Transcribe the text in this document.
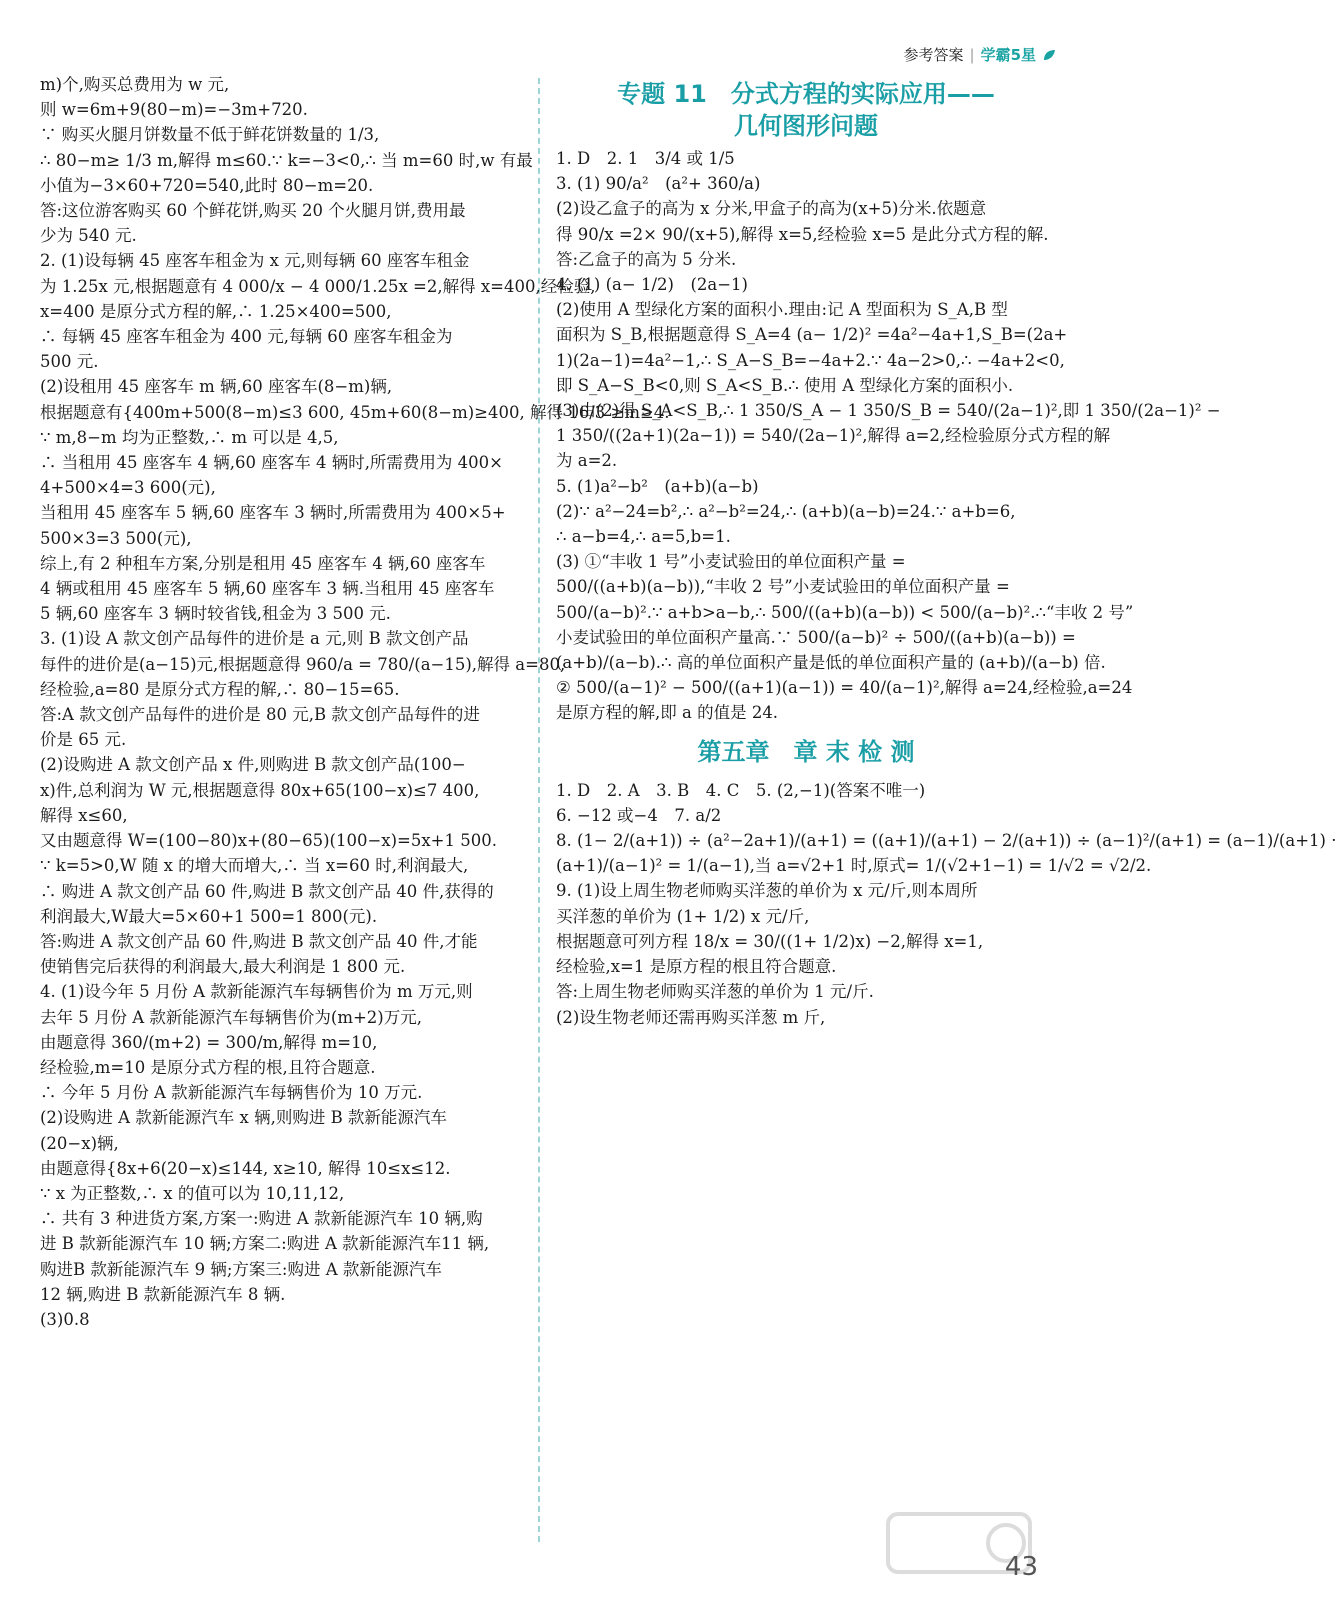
参考答案 | 学霸5星

m)个,购买总费用为 w 元,

则 w=6m+9(80−m)=−3m+720.

∵ 购买火腿月饼数量不低于鲜花饼数量的 1/3,

∴ 80−m≥ 1/3 m,解得 m≤60.∵ k=−3<0,∴ 当 m=60 时,w 有最

小值为−3×60+720=540,此时 80−m=20.

答:这位游客购买 60 个鲜花饼,购买 20 个火腿月饼,费用最

少为 540 元.

2. (1)设每辆 45 座客车租金为 x 元,则每辆 60 座客车租金

为 1.25x 元,根据题意有 4 000/x − 4 000/1.25x =2,解得 x=400,经检验,

x=400 是原分式方程的解,∴ 1.25×400=500,

∴ 每辆 45 座客车租金为 400 元,每辆 60 座客车租金为

500 元.

(2)设租用 45 座客车 m 辆,60 座客车(8−m)辆,

根据题意有{400m+500(8−m)≤3 600, 45m+60(8−m)≥400, 解得 16/3 ≥m≥4.

∵ m,8−m 均为正整数,∴ m 可以是 4,5,

∴ 当租用 45 座客车 4 辆,60 座客车 4 辆时,所需费用为 400×

4+500×4=3 600(元),

当租用 45 座客车 5 辆,60 座客车 3 辆时,所需费用为 400×5+

500×3=3 500(元),

综上,有 2 种租车方案,分别是租用 45 座客车 4 辆,60 座客车

4 辆或租用 45 座客车 5 辆,60 座客车 3 辆.当租用 45 座客车

5 辆,60 座客车 3 辆时较省钱,租金为 3 500 元.

3. (1)设 A 款文创产品每件的进价是 a 元,则 B 款文创产品

每件的进价是(a−15)元,根据题意得 960/a = 780/(a−15),解得 a=80,

经检验,a=80 是原分式方程的解,∴ 80−15=65.

答:A 款文创产品每件的进价是 80 元,B 款文创产品每件的进

价是 65 元.

(2)设购进 A 款文创产品 x 件,则购进 B 款文创产品(100−

x)件,总利润为 W 元,根据题意得 80x+65(100−x)≤7 400,

解得 x≤60,

又由题意得 W=(100−80)x+(80−65)(100−x)=5x+1 500.

∵ k=5>0,W 随 x 的增大而增大,∴ 当 x=60 时,利润最大,

∴ 购进 A 款文创产品 60 件,购进 B 款文创产品 40 件,获得的

利润最大,W最大=5×60+1 500=1 800(元).

答:购进 A 款文创产品 60 件,购进 B 款文创产品 40 件,才能

使销售完后获得的利润最大,最大利润是 1 800 元.

4. (1)设今年 5 月份 A 款新能源汽车每辆售价为 m 万元,则

去年 5 月份 A 款新能源汽车每辆售价为(m+2)万元,

由题意得 360/(m+2) = 300/m,解得 m=10,

经检验,m=10 是原分式方程的根,且符合题意.

∴ 今年 5 月份 A 款新能源汽车每辆售价为 10 万元.

(2)设购进 A 款新能源汽车 x 辆,则购进 B 款新能源汽车

(20−x)辆,

由题意得{8x+6(20−x)≤144, x≥10, 解得 10≤x≤12.

∵ x 为正整数,∴ x 的值可以为 10,11,12,

∴ 共有 3 种进货方案,方案一:购进 A 款新能源汽车 10 辆,购

进 B 款新能源汽车 10 辆;方案二:购进 A 款新能源汽车11 辆,

购进B 款新能源汽车 9 辆;方案三:购进 A 款新能源汽车

12 辆,购进 B 款新能源汽车 8 辆.

(3)0.8

专题 11　分式方程的实际应用——
几何图形问题

1. D　2. 1　3/4 或 1/5

3. (1) 90/a²　(a²+ 360/a)

(2)设乙盒子的高为 x 分米,甲盒子的高为(x+5)分米.依题意

得 90/x =2× 90/(x+5),解得 x=5,经检验 x=5 是此分式方程的解.

答:乙盒子的高为 5 分米.

4. (1) (a− 1/2)　(2a−1)

(2)使用 A 型绿化方案的面积小.理由:记 A 型面积为 S_A,B 型

面积为 S_B,根据题意得 S_A=4 (a− 1/2)² =4a²−4a+1,S_B=(2a+

1)(2a−1)=4a²−1,∴ S_A−S_B=−4a+2.∵ 4a−2>0,∴ −4a+2<0,

即 S_A−S_B<0,则 S_A<S_B.∴ 使用 A 型绿化方案的面积小.

(3)由(2)得 S_A<S_B,∴ 1 350/S_A − 1 350/S_B = 540/(2a−1)²,即 1 350/(2a−1)² −

1 350/((2a+1)(2a−1)) = 540/(2a−1)²,解得 a=2,经检验原分式方程的解

为 a=2.

5. (1)a²−b²　(a+b)(a−b)

(2)∵ a²−24=b²,∴ a²−b²=24,∴ (a+b)(a−b)=24.∵ a+b=6,

∴ a−b=4,∴ a=5,b=1.

(3) ①“丰收 1 号”小麦试验田的单位面积产量 =

500/((a+b)(a−b)),“丰收 2 号”小麦试验田的单位面积产量 =

500/(a−b)².∵ a+b>a−b,∴ 500/((a+b)(a−b)) < 500/(a−b)².∴“丰收 2 号”

小麦试验田的单位面积产量高.∵ 500/(a−b)² ÷ 500/((a+b)(a−b)) =

(a+b)/(a−b).∴ 高的单位面积产量是低的单位面积产量的 (a+b)/(a−b) 倍.

② 500/(a−1)² − 500/((a+1)(a−1)) = 40/(a−1)²,解得 a=24,经检验,a=24

是原方程的解,即 a 的值是 24.

第五章　章 末 检 测

1. D　2. A　3. B　4. C　5. (2,−1)(答案不唯一)

6. −12 或−4　7. a/2

8. (1− 2/(a+1)) ÷ (a²−2a+1)/(a+1) = ((a+1)/(a+1) − 2/(a+1)) ÷ (a−1)²/(a+1) = (a−1)/(a+1) ·

(a+1)/(a−1)² = 1/(a−1),当 a=√2+1 时,原式= 1/(√2+1−1) = 1/√2 = √2/2.

9. (1)设上周生物老师购买洋葱的单价为 x 元/斤,则本周所

买洋葱的单价为 (1+ 1/2) x 元/斤,

根据题意可列方程 18/x = 30/((1+ 1/2)x) −2,解得 x=1,

经检验,x=1 是原方程的根且符合题意.

答:上周生物老师购买洋葱的单价为 1 元/斤.

(2)设生物老师还需再购买洋葱 m 斤,

43
